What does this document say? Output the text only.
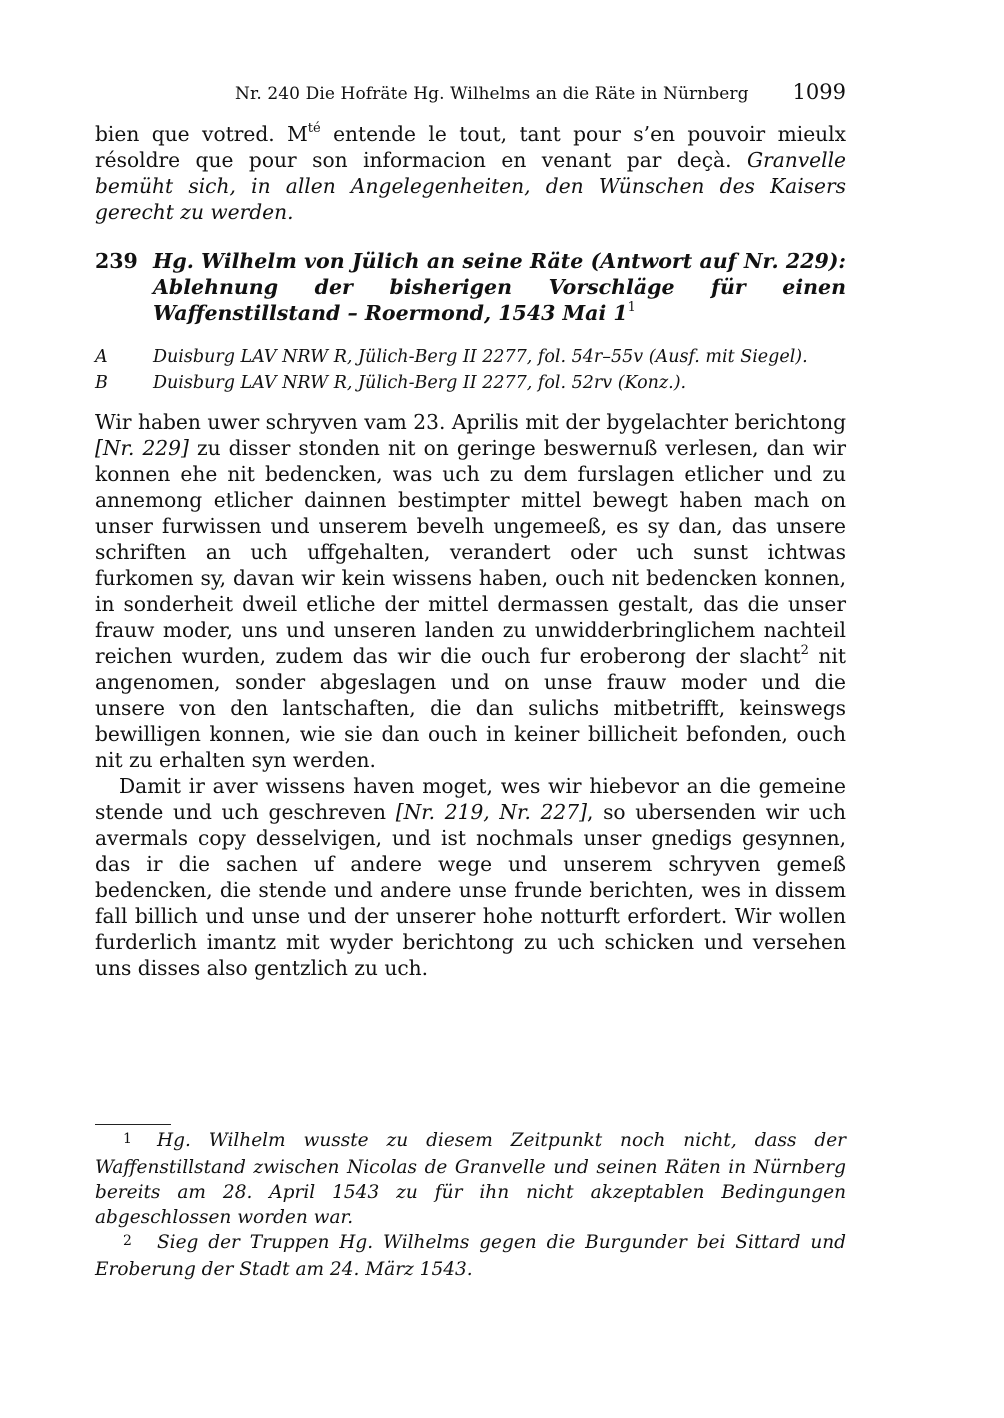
Nr. 240 Die Hofräte Hg. Wilhelms an die Räte in Nürnberg 1099

bien que votred. $M^{té}$ entende le tout, tant pour s’en pouvoir mieulx résoldre que pour son informacion en venant par deçà. Granvelle bemüht sich, in allen Angelegenheiten, den Wünschen des Kaisers gerecht zu werden.

239 Hg. Wilhelm von Jülich an seine Räte (Antwort auf Nr. 229): Ablehnung der bisherigen Vorschläge für einen Waffenstillstand – Roermond, 1543 Mai $1^1$
A	Duisburg LAV NRW R, Jülich-Berg II 2277, fol. 54r–55v (Ausf. mit Siegel).
B	Duisburg LAV NRW R, Jülich-Berg II 2277, fol. 52rv (Konz.).

Wir haben uwer schryven vam 23. Aprilis mit der bygelachter berichtong [Nr. 229] zu disser stonden nit on geringe beswernuß verlesen, dan wir konnen ehe nit bedencken, was uch zu dem furslagen etlicher und zu annemong etlicher dainnen bestimpter mittel bewegt haben mach on unser furwissen und unserem bevelh ungemeeß, es sy dan, das unsere schriften an uch uffgehalten, verandert oder uch sunst ichtwas furkomen sy, davan wir kein wissens haben, ouch nit bedencken konnen, in sonderheit dweil etliche der mittel dermassen gestalt, das die unser frauw moder, uns und unseren landen zu unwidderbringlichem nachteil reichen wurden, zudem das wir die ouch fur eroberong der slacht$^2$ nit angenomen, sonder abgeslagen und on unse frauw moder und die unsere von den lantschaften, die dan sulichs mitbetrifft, keinswegs bewilligen konnen, wie sie dan ouch in keiner billicheit befonden, ouch nit zu erhalten syn werden.

Damit ir aver wissens haven moget, wes wir hiebevor an die gemeine stende und uch geschreven [Nr. 219, Nr. 227], so ubersenden wir uch avermals copy desselvigen, und ist nochmals unser gnedigs gesynnen, das ir die sachen uf andere wege und unserem schryven gemeß bedencken, die stende und andere unse frunde berichten, wes in dissem fall billich und unse und der unserer hohe notturft erfordert. Wir wollen furderlich imantz mit wyder berichtong zu uch schicken und versehen uns disses also gentzlich zu uch.

1 Hg. Wilhelm wusste zu diesem Zeitpunkt noch nicht, dass der Waffenstillstand zwischen Nicolas de Granvelle und seinen Räten in Nürnberg bereits am 28. April 1543 zu für ihn nicht akzeptablen Bedingungen abgeschlossen worden war.

2 Sieg der Truppen Hg. Wilhelms gegen die Burgunder bei Sittard und Eroberung der Stadt am 24. März 1543.
